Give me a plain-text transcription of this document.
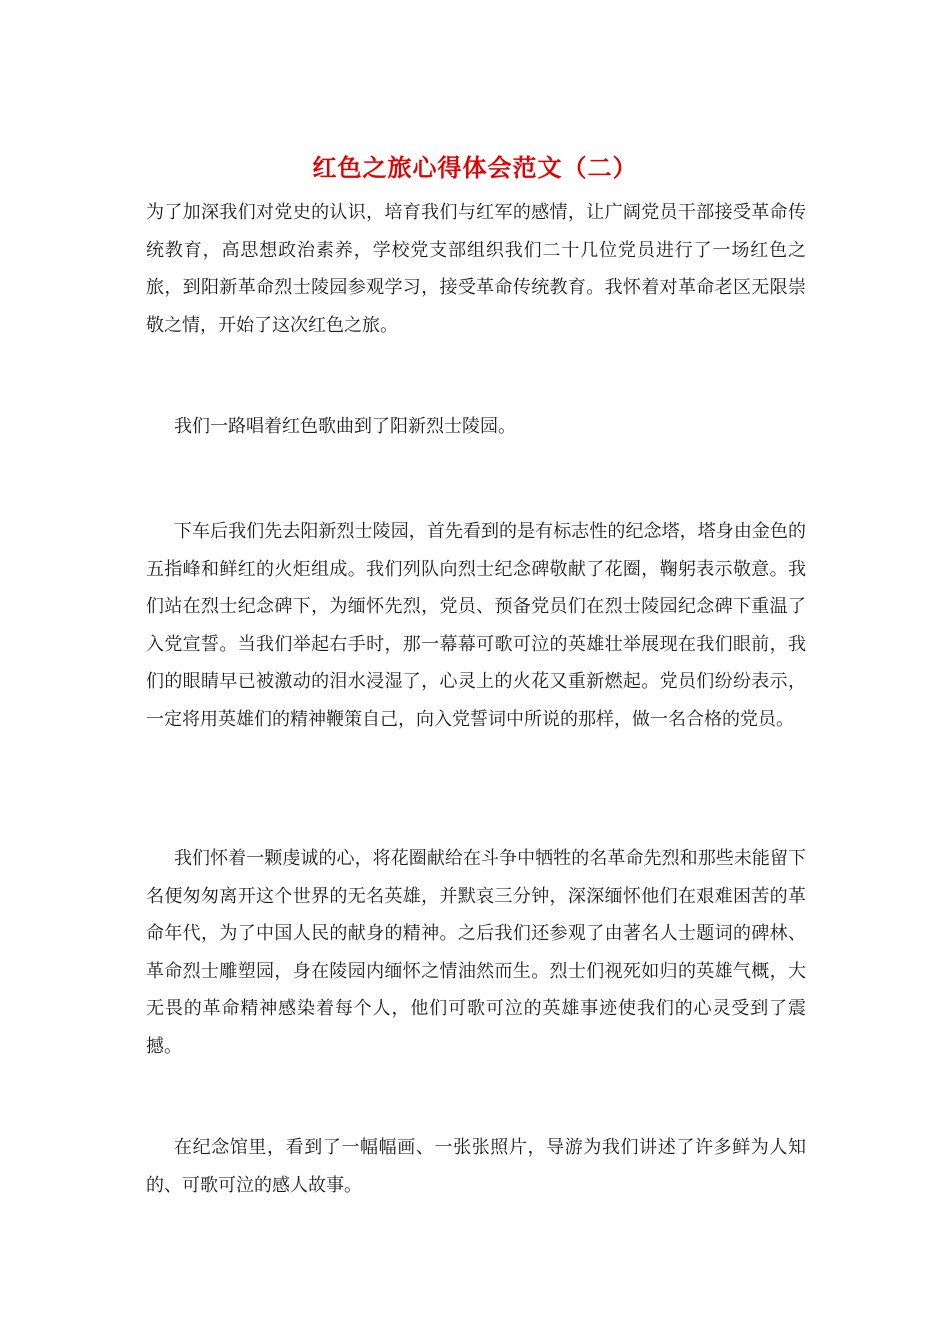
红色之旅心得体会范文（二）

为了加深我们对党史的认识，培育我们与红军的感情，让广阔党员干部接受革命传统教育，高思想政治素养，学校党支部组织我们二十几位党员进行了一场红色之旅，到阳新革命烈士陵园参观学习，接受革命传统教育。我怀着对革命老区无限崇敬之情，开始了这次红色之旅。

我们一路唱着红色歌曲到了阳新烈士陵园。

下车后我们先去阳新烈士陵园，首先看到的是有标志性的纪念塔，塔身由金色的五指峰和鲜红的火炬组成。我们列队向烈士纪念碑敬献了花圈，鞠躬表示敬意。我们站在烈士纪念碑下，为缅怀先烈，党员、预备党员们在烈士陵园纪念碑下重温了入党宣誓。当我们举起右手时，那一幕幕可歌可泣的英雄壮举展现在我们眼前，我们的眼睛早已被激动的泪水浸湿了，心灵上的火花又重新燃起。党员们纷纷表示，一定将用英雄们的精神鞭策自己，向入党誓词中所说的那样，做一名合格的党员。

我们怀着一颗虔诚的心，将花圈献给在斗争中牺牲的名革命先烈和那些未能留下名便匆匆离开这个世界的无名英雄，并默哀三分钟，深深缅怀他们在艰难困苦的革命年代，为了中国人民的献身的精神。之后我们还参观了由著名人士题词的碑林、革命烈士雕塑园，身在陵园内缅怀之情油然而生。烈士们视死如归的英雄气概，大无畏的革命精神感染着每个人，他们可歌可泣的英雄事迹使我们的心灵受到了震撼。

在纪念馆里，看到了一幅幅画、一张张照片，导游为我们讲述了许多鲜为人知的、可歌可泣的感人故事。
